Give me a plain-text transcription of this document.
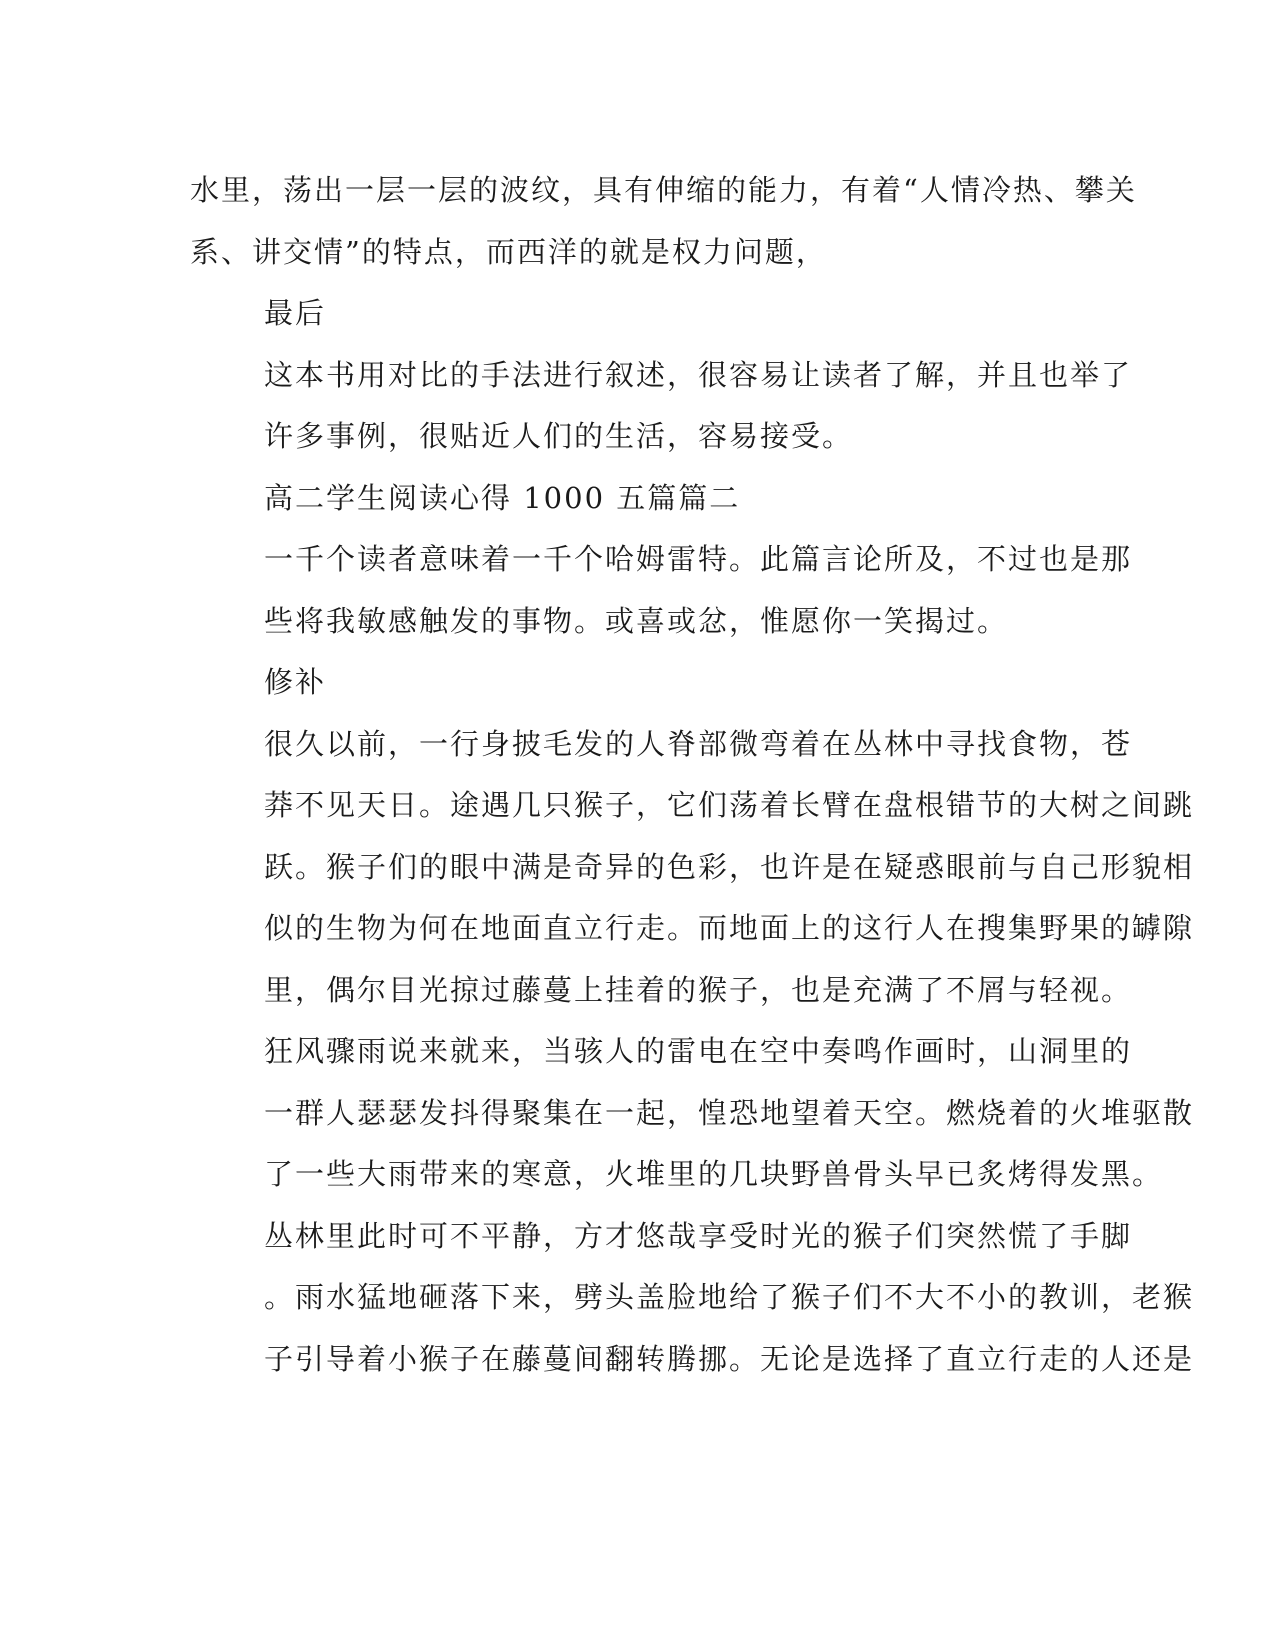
水里，荡出一层一层的波纹，具有伸缩的能力，有着“人情冷热、攀关
系、讲交情”的特点，而西洋的就是权力问题，

最后

这本书用对比的手法进行叙述，很容易让读者了解，并且也举了
许多事例，很贴近人们的生活，容易接受。

高二学生阅读心得 1000 五篇篇二

一千个读者意味着一千个哈姆雷特。此篇言论所及，不过也是那
些将我敏感触发的事物。或喜或忿，惟愿你一笑揭过。

修补

很久以前，一行身披毛发的人脊部微弯着在丛林中寻找食物，苍
莽不见天日。途遇几只猴子，它们荡着长臂在盘根错节的大树之间跳
跃。猴子们的眼中满是奇异的色彩，也许是在疑惑眼前与自己形貌相
似的生物为何在地面直立行走。而地面上的这行人在搜集野果的罅隙
里，偶尔目光掠过藤蔓上挂着的猴子，也是充满了不屑与轻视。

狂风骤雨说来就来，当骇人的雷电在空中奏鸣作画时，山洞里的
一群人瑟瑟发抖得聚集在一起，惶恐地望着天空。燃烧着的火堆驱散
了一些大雨带来的寒意，火堆里的几块野兽骨头早已炙烤得发黑。

丛林里此时可不平静，方才悠哉享受时光的猴子们突然慌了手脚
。雨水猛地砸落下来，劈头盖脸地给了猴子们不大不小的教训，老猴
子引导着小猴子在藤蔓间翻转腾挪。无论是选择了直立行走的人还是
